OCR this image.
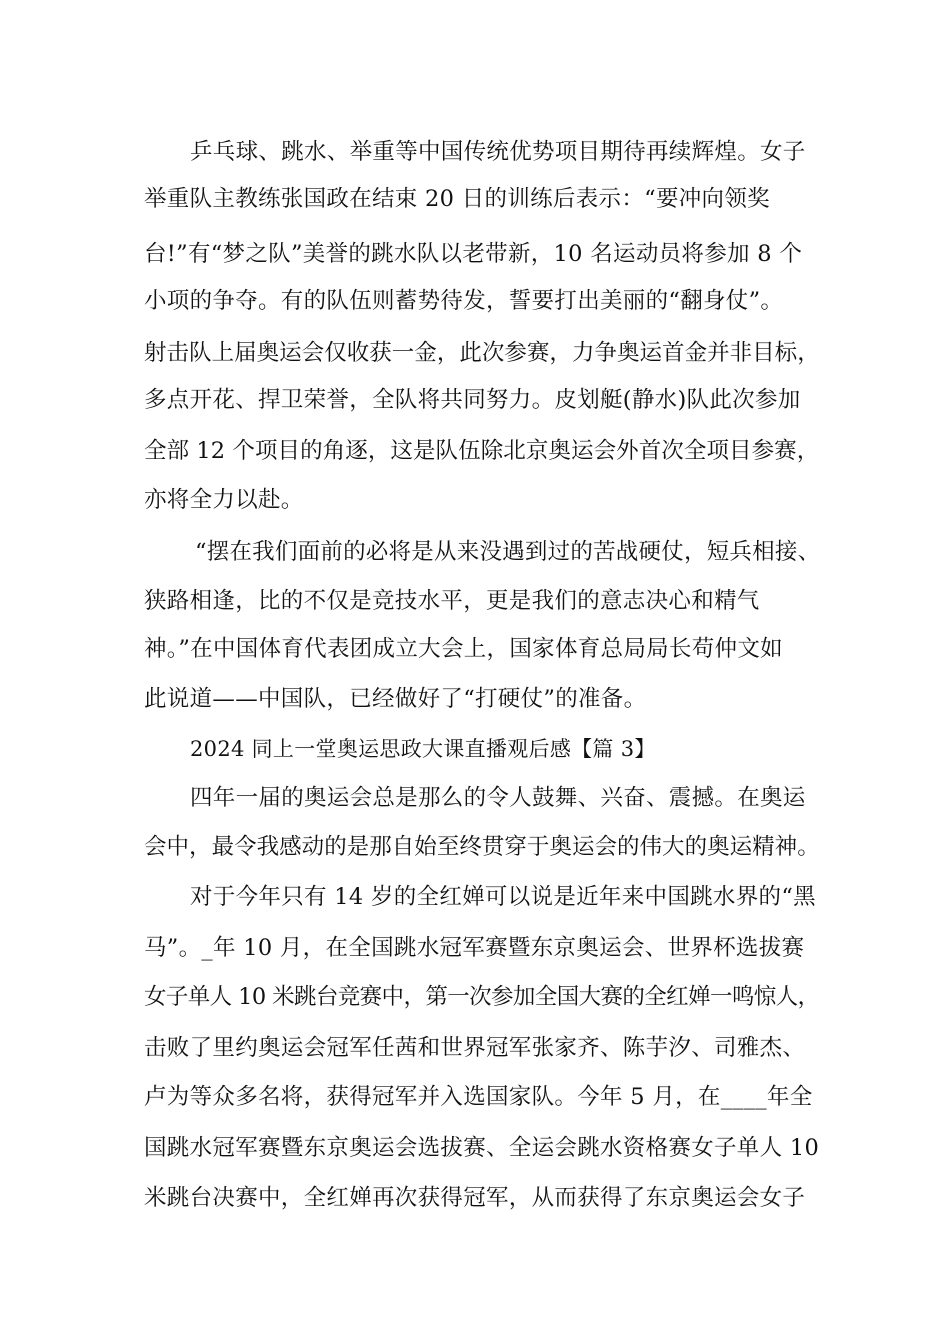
乒乓球、跳水、举重等中国传统优势项目期待再续辉煌。女子
举重队主教练张国政在结束 20 日的训练后表示：“要冲向领奖
台!”有“梦之队”美誉的跳水队以老带新，10 名运动员将参加 8 个
小项的争夺。有的队伍则蓄势待发，誓要打出美丽的“翻身仗”。
射击队上届奥运会仅收获一金，此次参赛，力争奥运首金并非目标，
多点开花、捍卫荣誉，全队将共同努力。皮划艇(静水)队此次参加
全部 12 个项目的角逐，这是队伍除北京奥运会外首次全项目参赛，
亦将全力以赴。
“摆在我们面前的必将是从来没遇到过的苦战硬仗，短兵相接、
狭路相逢，比的不仅是竞技水平，更是我们的意志决心和精气
神。”在中国体育代表团成立大会上，国家体育总局局长苟仲文如
此说道——中国队，已经做好了“打硬仗”的准备。
2024 同上一堂奥运思政大课直播观后感【篇 3】
四年一届的奥运会总是那么的令人鼓舞、兴奋、震撼。在奥运
会中，最令我感动的是那自始至终贯穿于奥运会的伟大的奥运精神。
对于今年只有 14 岁的全红婵可以说是近年来中国跳水界的“黑
马”。_年 10 月，在全国跳水冠军赛暨东京奥运会、世界杯选拔赛
女子单人 10 米跳台竞赛中，第一次参加全国大赛的全红婵一鸣惊人，
击败了里约奥运会冠军任茜和世界冠军张家齐、陈芋汐、司雅杰、
卢为等众多名将，获得冠军并入选国家队。今年 5 月，在____年全
国跳水冠军赛暨东京奥运会选拔赛、全运会跳水资格赛女子单人 10
米跳台决赛中，全红婵再次获得冠军，从而获得了东京奥运会女子
